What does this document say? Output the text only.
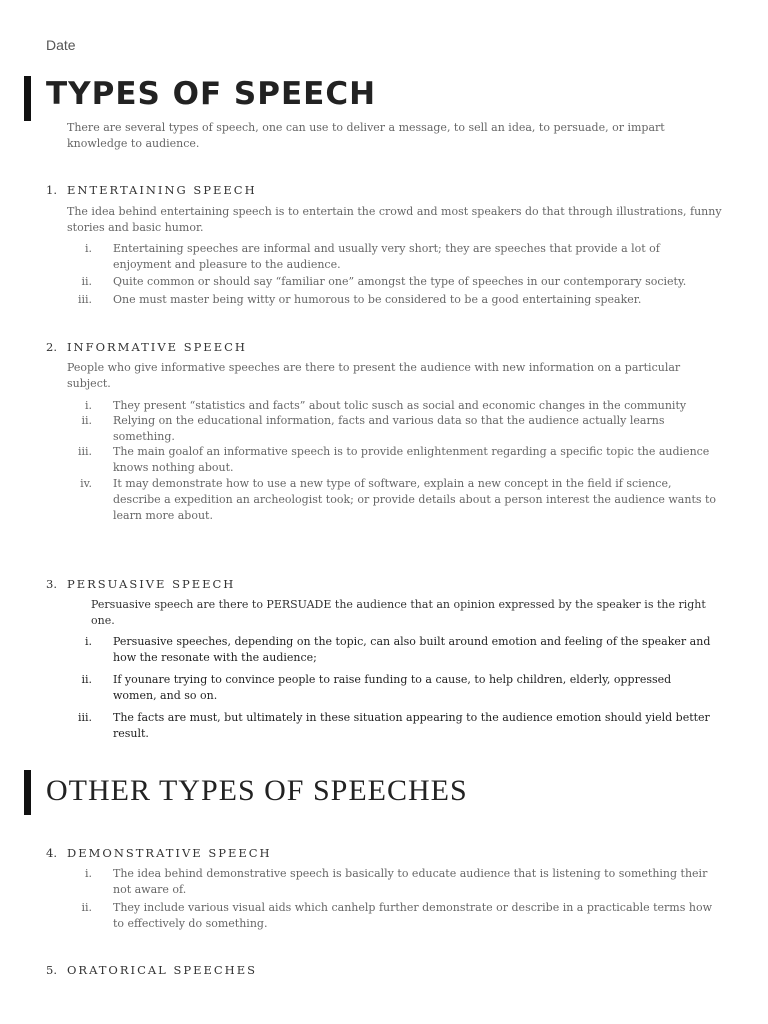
Date
TYPES OF SPEECH
There are several types of speech, one can use to deliver a message, to sell an idea, to persuade, or impart knowledge to audience.
1. ENTERTAINING SPEECH
The idea behind entertaining speech is to entertain the crowd and most speakers do that through illustrations, funny stories and basic humor.
i. Entertaining speeches are informal and usually very short; they are speeches that provide a lot of enjoyment and pleasure to the audience.
ii. Quite common or should say “familiar one” amongst the type of speeches in our contemporary society.
iii. One must master being witty or humorous to be considered to be a good entertaining speaker.
2. INFORMATIVE SPEECH
People who give informative speeches are there to present the audience with new information on a particular subject.
i. They present “statistics and facts” about tolic susch as social and economic changes in the community
ii. Relying on the educational information, facts and various data so that the audience actually learns something.
iii. The main goalof an informative speech is to provide enlightenment regarding a specific topic the audience knows nothing about.
iv. It may demonstrate how to use a new type of software, explain a new concept in the field if science, describe a expedition an archeologist took; or provide details about a person interest the audience wants to learn more about.
3. PERSUASIVE SPEECH
Persuasive speech are there to PERSUADE the audience that an opinion expressed by the speaker is the right one.
i. Persuasive speeches, depending on the topic, can also built around emotion and feeling of the speaker and how the resonate with the audience;
ii. If younare trying to convince people to raise funding to a cause, to help children, elderly, oppressed women, and so on.
iii. The facts are must, but ultimately in these situation appearing to the audience emotion should yield better result.
OTHER TYPES OF SPEECHES
4. DEMONSTRATIVE SPEECH
i. The idea behind demonstrative speech is basically to educate audience that is listening to something their not aware of.
ii. They include various visual aids which canhelp further demonstrate or describe in a practicable terms how to effectively do something.
5. ORATORICAL SPEECHES
